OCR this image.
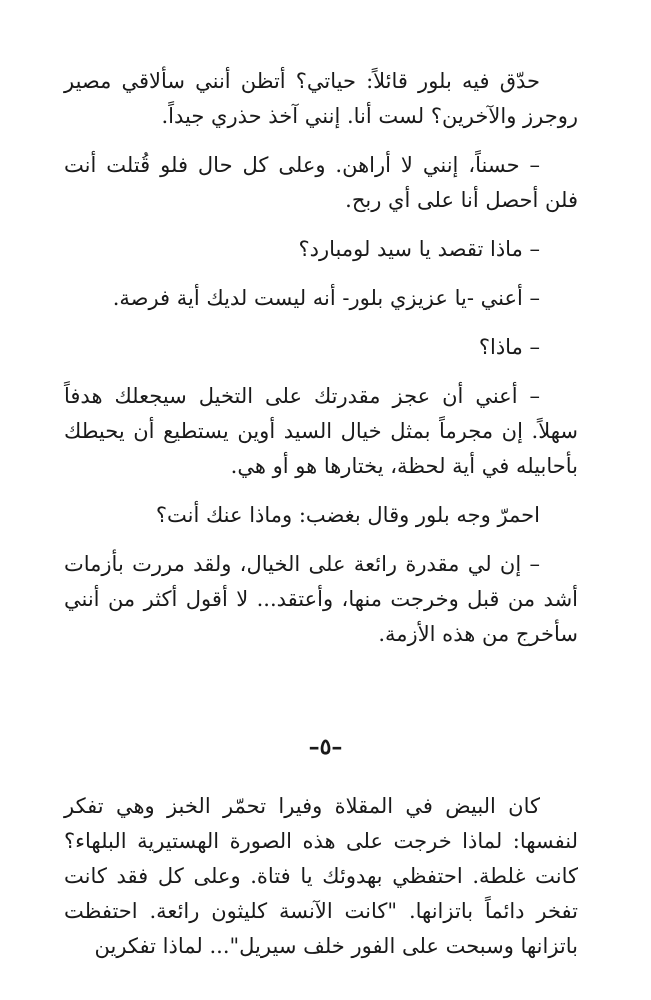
حدّق فيه بلور قائلاً: حياتي؟ أتظن أنني سألاقي مصير روجرز والآخرين؟ لست أنا. إنني آخذ حذري جيداً.

– حسناً، إنني لا أراهن. وعلى كل حال فلو قُتلت أنت فلن أحصل أنا على أي ربح.

– ماذا تقصد يا سيد لومبارد؟

– أعني -يا عزيزي بلور- أنه ليست لديك أية فرصة.

– ماذا؟

– أعني أن عجز مقدرتك على التخيل سيجعلك هدفاً سهلاً. إن مجرماً بمثل خيال السيد أوين يستطيع أن يحيطك بأحابيله في أية لحظة، يختارها هو أو هي.

احمرّ وجه بلور وقال بغضب: وماذا عنك أنت؟

– إن لي مقدرة رائعة على الخيال، ولقد مررت بأزمات أشد من قبل وخرجت منها، وأعتقد... لا أقول أكثر من أنني سأخرج من هذه الأزمة.

–٥–

كان البيض في المقلاة وفيرا تحمّر الخبز وهي تفكر لنفسها: لماذا خرجت على هذه الصورة الهستيرية البلهاء؟ كانت غلطة. احتفظي بهدوئك يا فتاة. وعلى كل فقد كانت تفخر دائماً باتزانها. "كانت الآنسة كليثون رائعة. احتفظت باتزانها وسبحت على الفور خلف سيريل"... لماذا تفكرين
